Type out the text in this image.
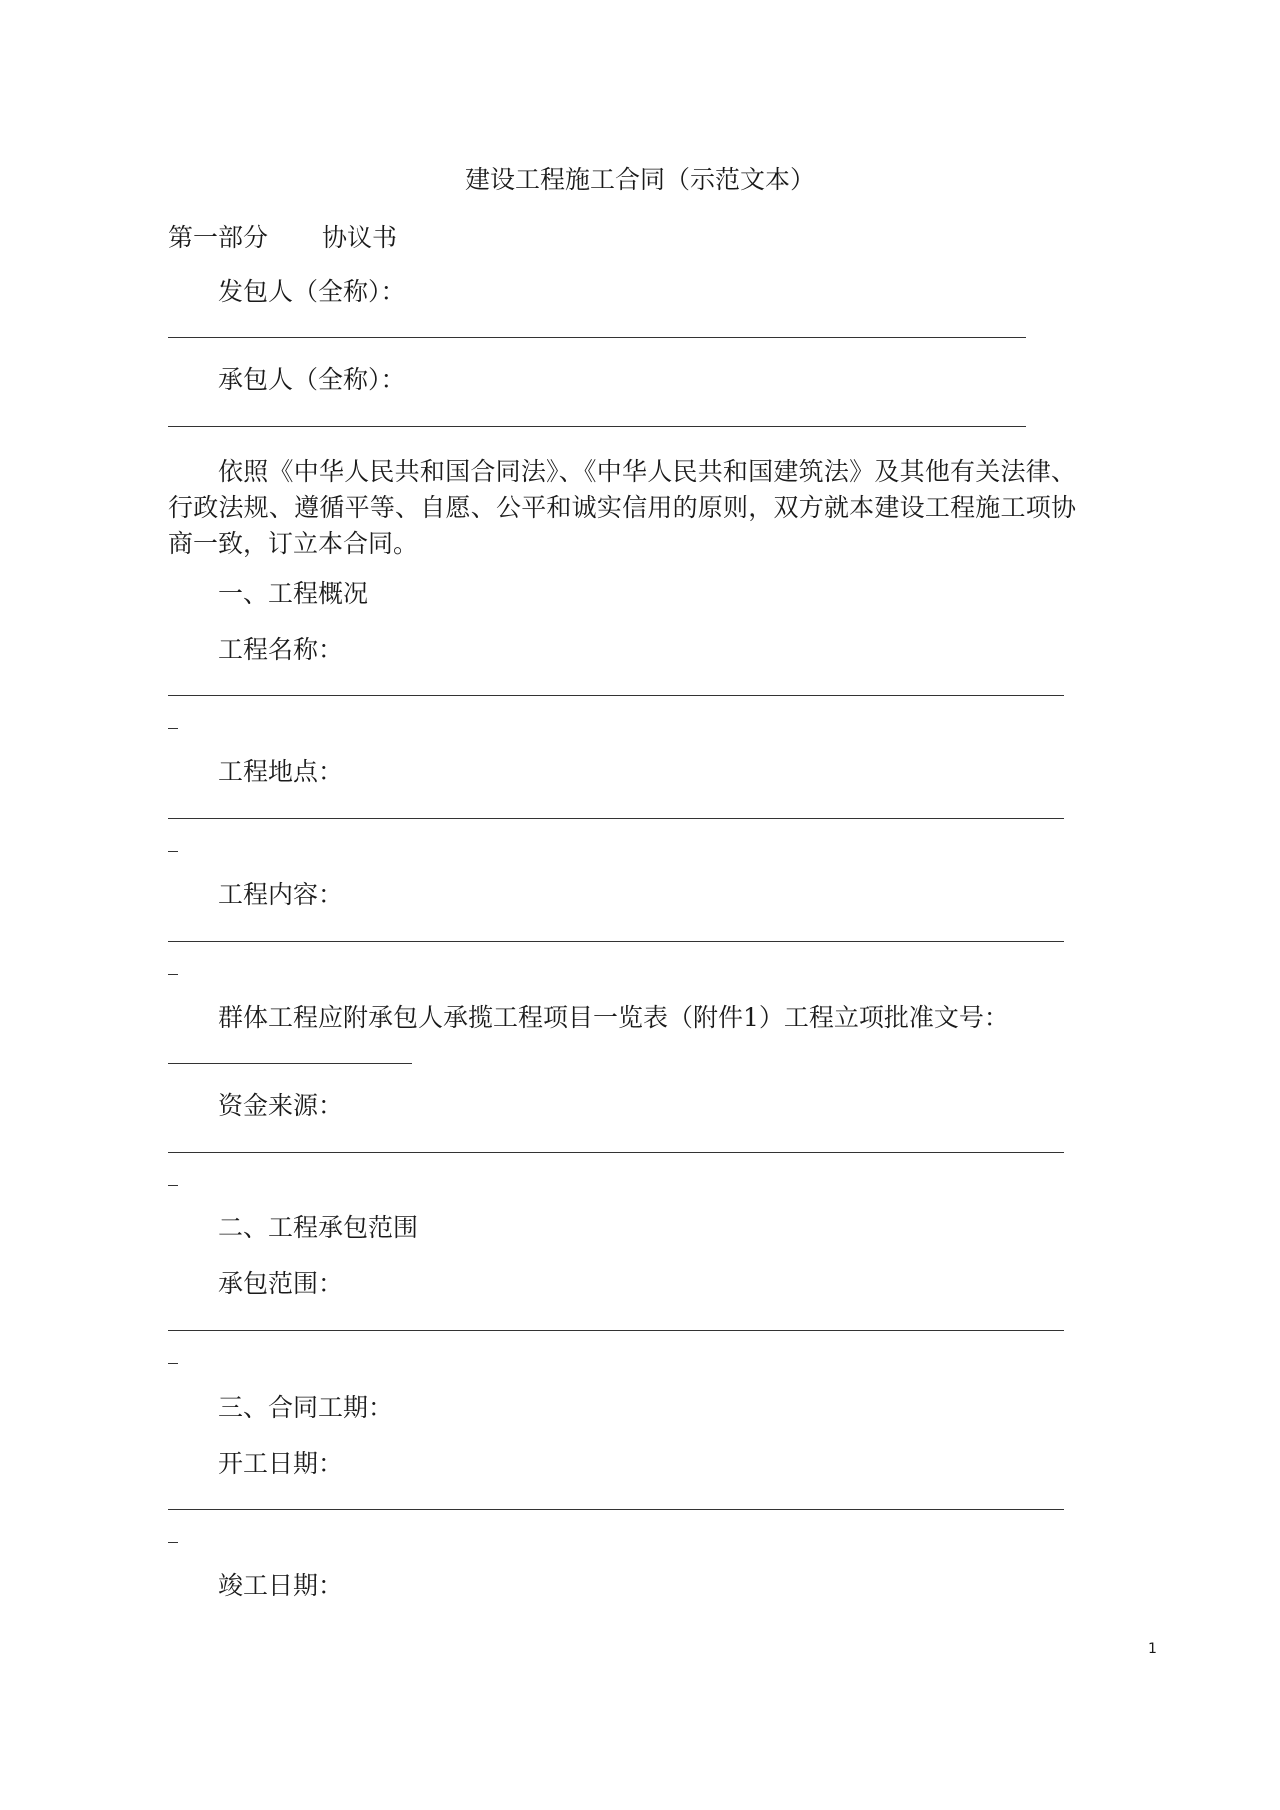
建设工程施工合同（示范文本）
第一部分 协议书
发包人（全称）：
承包人（全称）：
依照《中华人民共和国合同法》、《中华人民共和国建筑法》及其他有关法律、行政法规、遵循平等、自愿、公平和诚实信用的原则，双方就本建设工程施工项协商一致，订立本合同。
一、工程概况
工程名称：
工程地点：
工程内容：
群体工程应附承包人承揽工程项目一览表（附件1）工程立项批准文号：
资金来源：
二、工程承包范围
承包范围：
三、合同工期：
开工日期：
竣工日期：
1
